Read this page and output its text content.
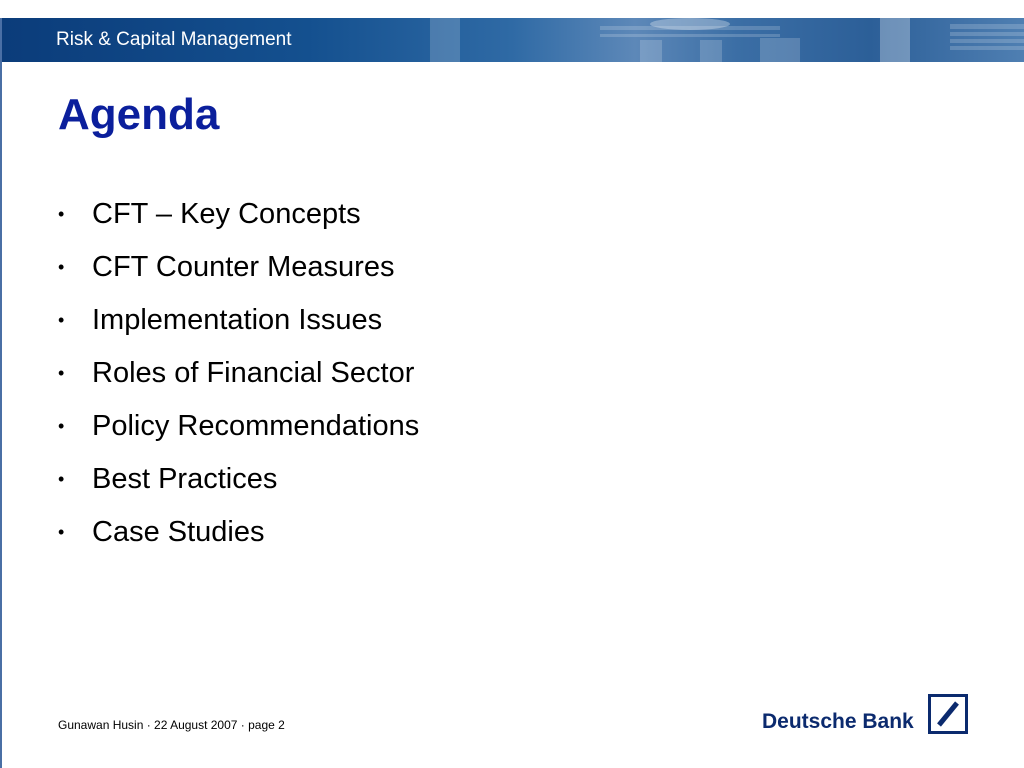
Risk & Capital Management
Agenda
• CFT – Key Concepts
• CFT Counter Measures
• Implementation Issues
• Roles of Financial Sector
• Policy Recommendations
• Best Practices
• Case Studies
Gunawan Husin · 22 August 2007 · page 2	Deutsche Bank
